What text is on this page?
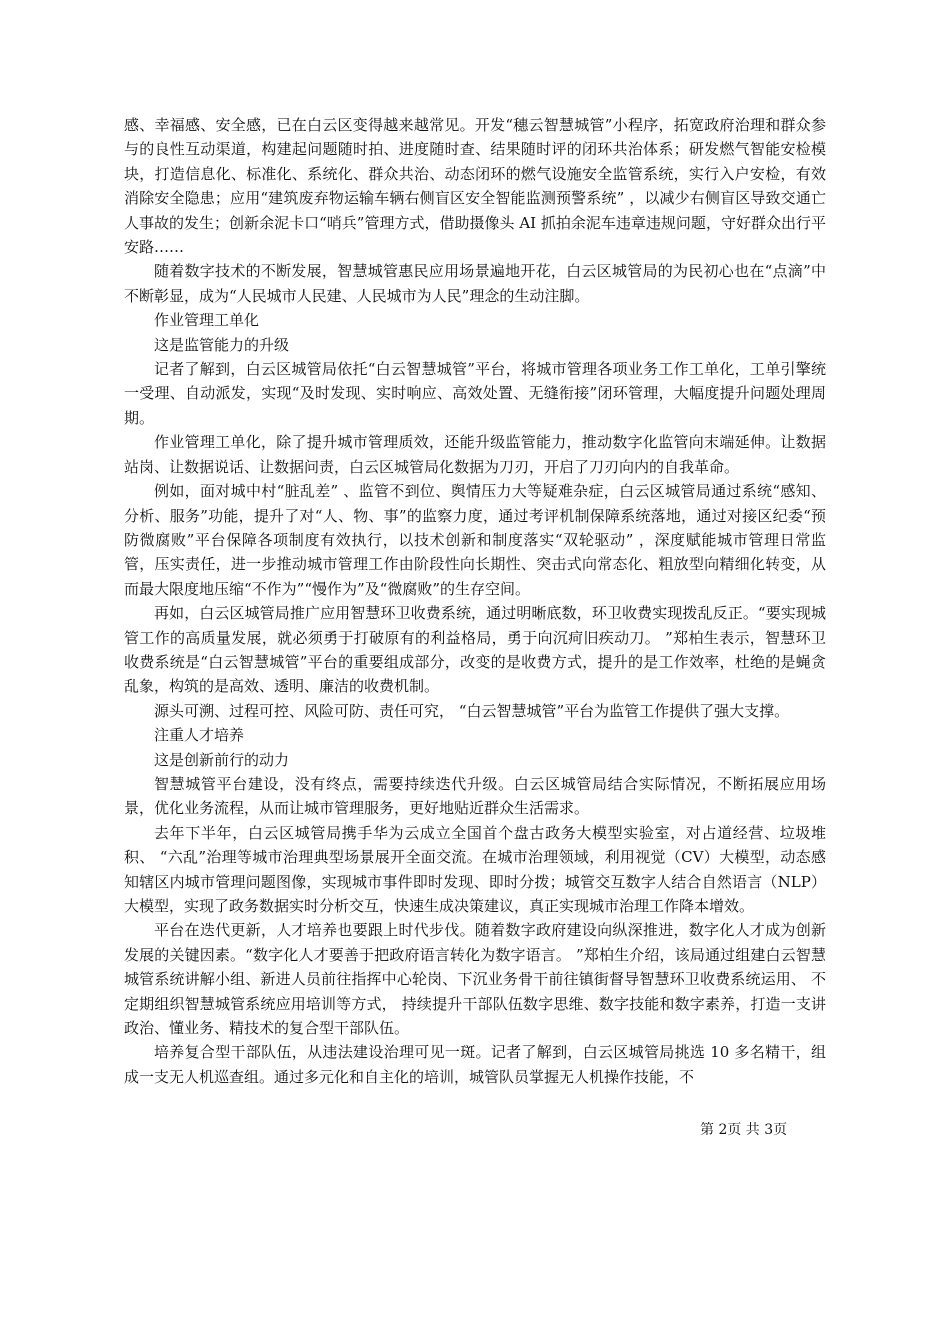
感、幸福感、安全感，已在白云区变得越来越常见。开发“穗云智慧城管”小程序，拓宽政府治理和群众参与的良性互动渠道，构建起问题随时拍、进度随时查、结果随时评的闭环共治体系；研发燃气智能安检模块，打造信息化、标准化、系统化、群众共治、动态闭环的燃气设施安全监管系统，实行入户安检，有效消除安全隐患；应用“建筑废弃物运输车辆右侧盲区安全智能监测预警系统” ，以减少右侧盲区导致交通亡人事故的发生；创新余泥卡口“哨兵”管理方式，借助摄像头 AI 抓拍余泥车违章违规问题，守好群众出行平安路……

随着数字技术的不断发展，智慧城管惠民应用场景遍地开花，白云区城管局的为民初心也在“点滴”中不断彰显，成为“人民城市人民建、人民城市为人民”理念的生动注脚。

作业管理工单化

这是监管能力的升级

记者了解到，白云区城管局依托“白云智慧城管”平台，将城市管理各项业务工作工单化，工单引擎统一受理、自动派发，实现“及时发现、实时响应、高效处置、无缝衔接”闭环管理，大幅度提升问题处理周期。

作业管理工单化，除了提升城市管理质效，还能升级监管能力，推动数字化监管向末端延伸。让数据站岗、让数据说话、让数据问责，白云区城管局化数据为刀刃，开启了刀刃向内的自我革命。

例如，面对城中村“脏乱差” 、监管不到位、舆情压力大等疑难杂症，白云区城管局通过系统“感知、分析、服务”功能，提升了对“人、物、事”的监察力度，通过考评机制保障系统落地，通过对接区纪委“预防微腐败”平台保障各项制度有效执行，以技术创新和制度落实“双轮驱动” ，深度赋能城市管理日常监管，压实责任，进一步推动城市管理工作由阶段性向长期性、突击式向常态化、粗放型向精细化转变，从而最大限度地压缩“不作为”“慢作为”及“微腐败”的生存空间。

再如，白云区城管局推广应用智慧环卫收费系统，通过明晰底数，环卫收费实现拨乱反正。“要实现城管工作的高质量发展，就必须勇于打破原有的利益格局，勇于向沉疴旧疾动刀。 ”郑柏生表示，智慧环卫收费系统是“白云智慧城管”平台的重要组成部分，改变的是收费方式，提升的是工作效率，杜绝的是蝇贪乱象，构筑的是高效、透明、廉洁的收费机制。

源头可溯、过程可控、风险可防、责任可究， “白云智慧城管”平台为监管工作提供了强大支撑。

注重人才培养

这是创新前行的动力

智慧城管平台建设，没有终点，需要持续迭代升级。白云区城管局结合实际情况，不断拓展应用场景，优化业务流程，从而让城市管理服务，更好地贴近群众生活需求。

去年下半年，白云区城管局携手华为云成立全国首个盘古政务大模型实验室，对占道经营、垃圾堆积、 “六乱”治理等城市治理典型场景展开全面交流。在城市治理领域，利用视觉（CV）大模型，动态感知辖区内城市管理问题图像，实现城市事件即时发现、即时分拨；城管交互数字人结合自然语言（NLP）大模型，实现了政务数据实时分析交互，快速生成决策建议，真正实现城市治理工作降本增效。

平台在迭代更新，人才培养也要跟上时代步伐。随着数字政府建设向纵深推进，数字化人才成为创新发展的关键因素。“数字化人才要善于把政府语言转化为数字语言。 ”郑柏生介绍，该局通过组建白云智慧城管系统讲解小组、新进人员前往指挥中心轮岗、下沉业务骨干前往镇街督导智慧环卫收费系统运用、 不定期组织智慧城管系统应用培训等方式， 持续提升干部队伍数字思维、数字技能和数字素养，打造一支讲政治、懂业务、精技术的复合型干部队伍。

培养复合型干部队伍，从违法建设治理可见一斑。记者了解到，白云区城管局挑选 10 多名精干，组成一支无人机巡查组。通过多元化和自主化的培训，城管队员掌握无人机操作技能，不

第 2页 共 3页
